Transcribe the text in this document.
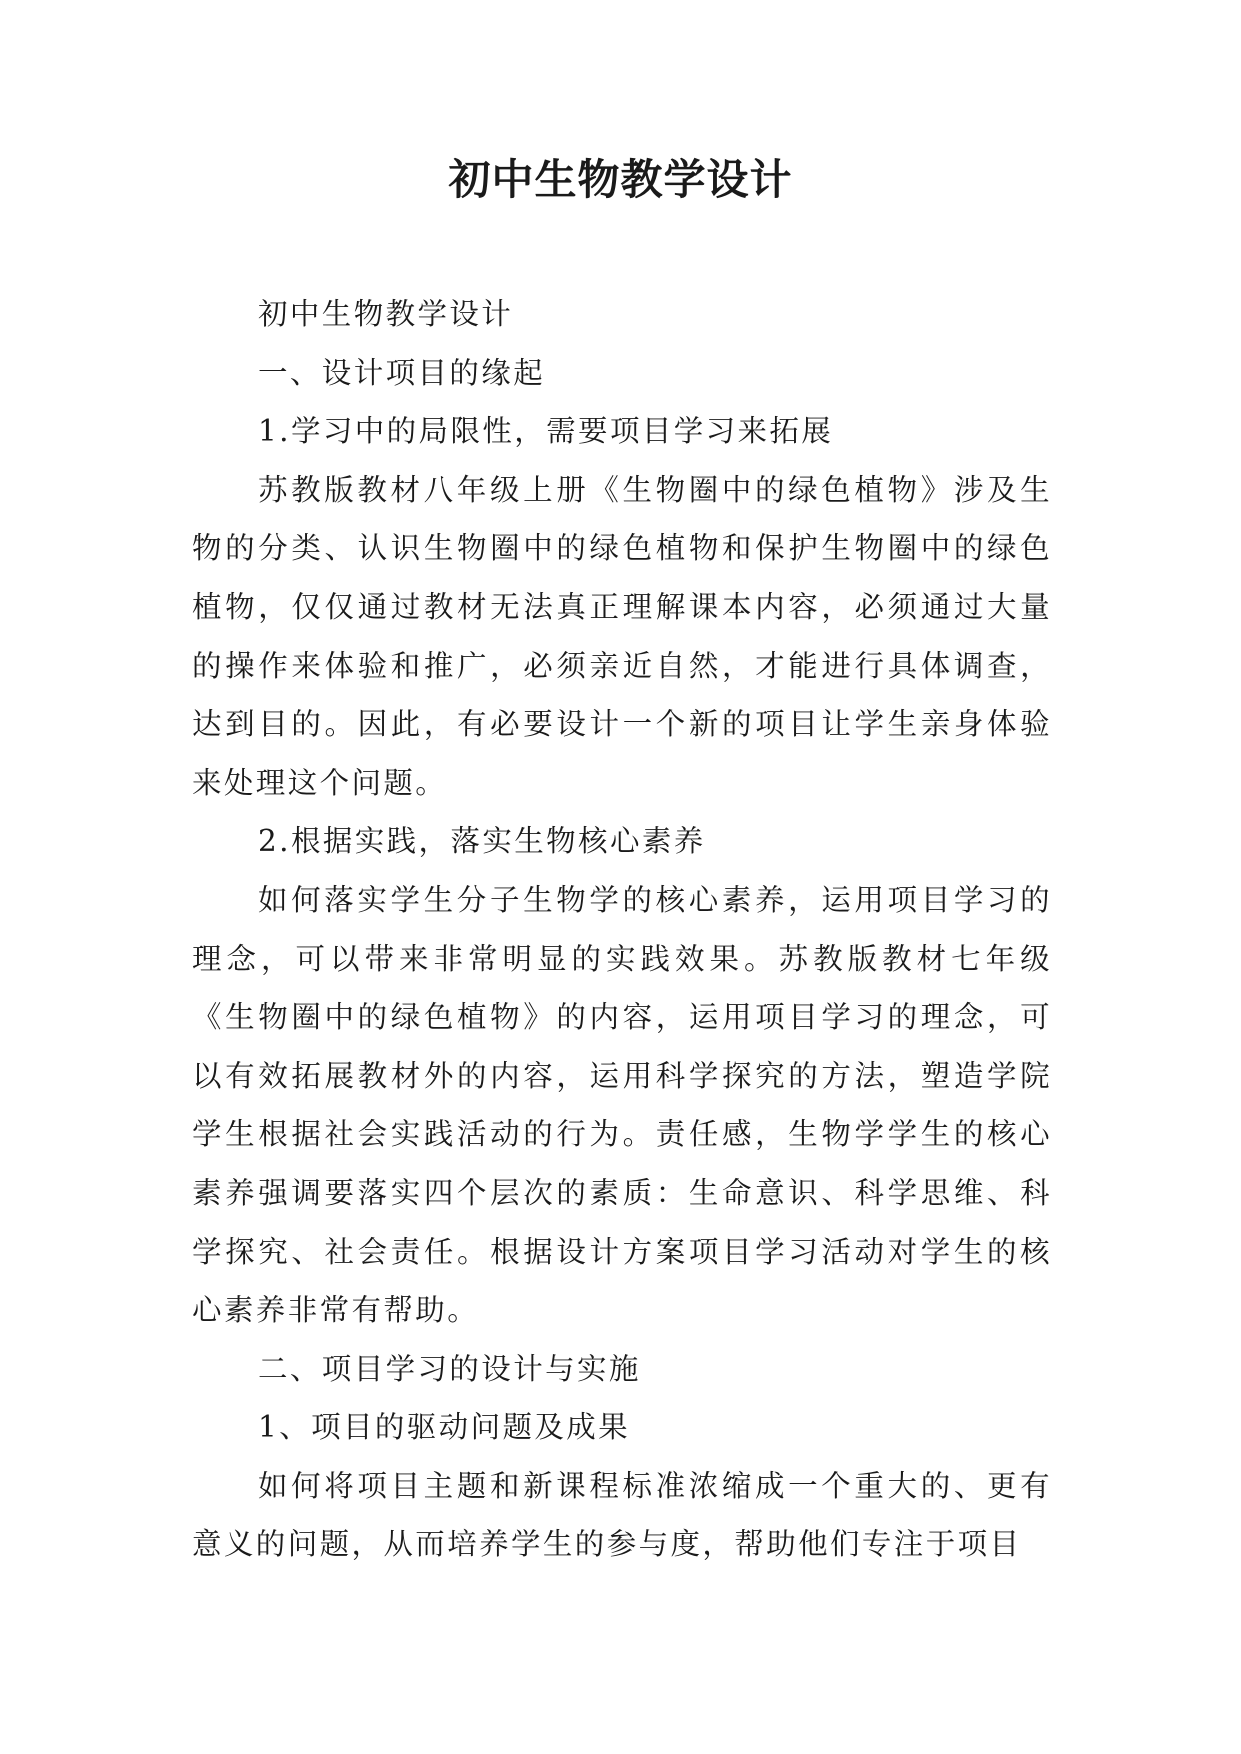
初中生物教学设计

初中生物教学设计

一、设计项目的缘起

1.学习中的局限性，需要项目学习来拓展

苏教版教材八年级上册《生物圈中的绿色植物》涉及生物的分类、认识生物圈中的绿色植物和保护生物圈中的绿色植物，仅仅通过教材无法真正理解课本内容，必须通过大量的操作来体验和推广，必须亲近自然，才能进行具体调查，达到目的。因此，有必要设计一个新的项目让学生亲身体验来处理这个问题。

2.根据实践，落实生物核心素养

如何落实学生分子生物学的核心素养，运用项目学习的理念，可以带来非常明显的实践效果。苏教版教材七年级《生物圈中的绿色植物》的内容，运用项目学习的理念，可以有效拓展教材外的内容，运用科学探究的方法，塑造学院学生根据社会实践活动的行为。责任感，生物学学生的核心素养强调要落实四个层次的素质：生命意识、科学思维、科学探究、社会责任。根据设计方案项目学习活动对学生的核心素养非常有帮助。

二、项目学习的设计与实施

1、项目的驱动问题及成果

如何将项目主题和新课程标准浓缩成一个重大的、更有意义的问题，从而培养学生的参与度，帮助他们专注于项目
